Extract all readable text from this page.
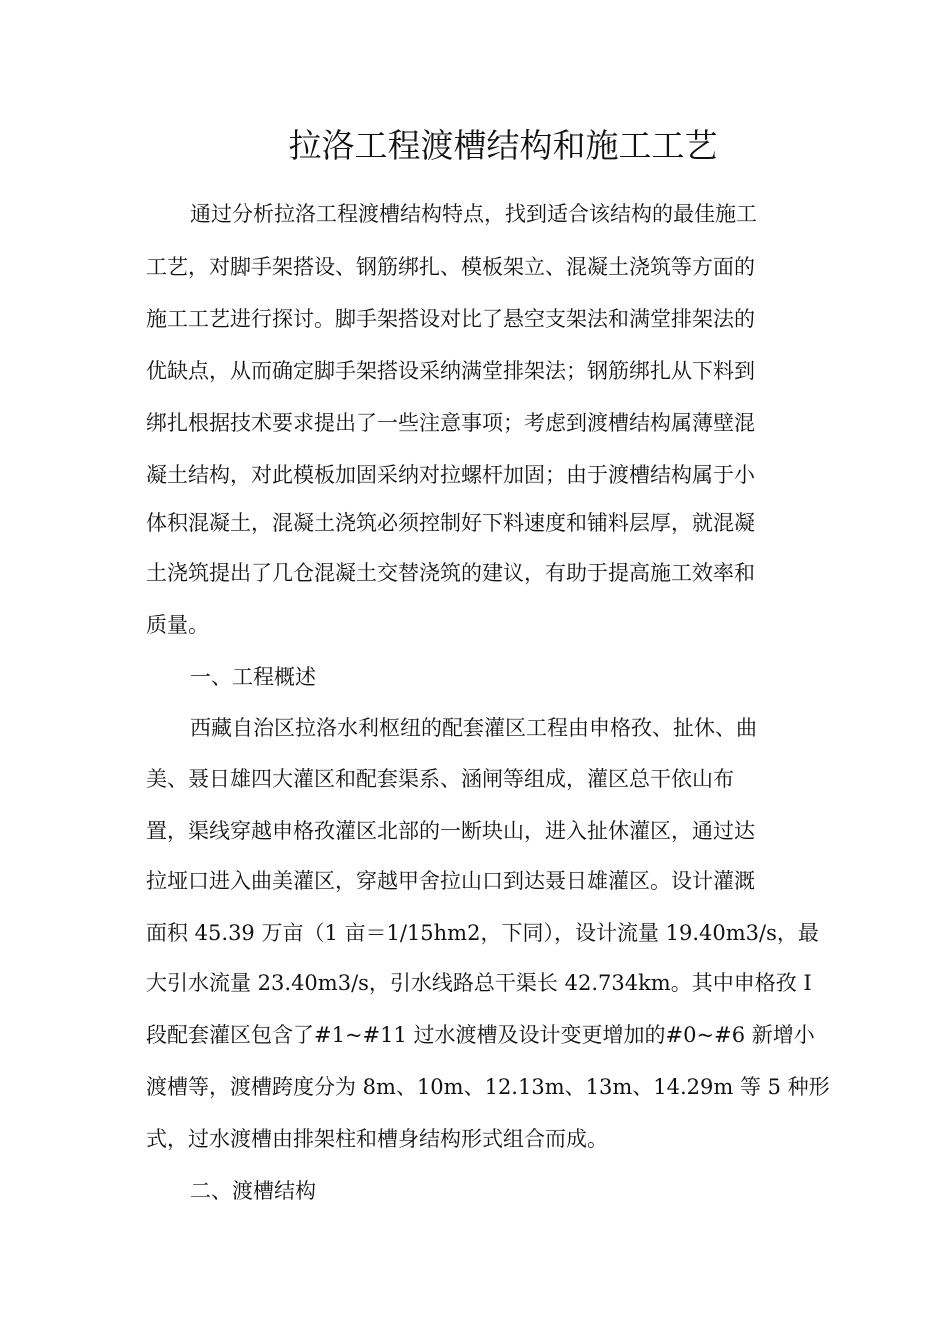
拉洛工程渡槽结构和施工工艺
通过分析拉洛工程渡槽结构特点，找到适合该结构的最佳施工
工艺，对脚手架搭设、钢筋绑扎、模板架立、混凝土浇筑等方面的
施工工艺进行探讨。脚手架搭设对比了悬空支架法和满堂排架法的
优缺点，从而确定脚手架搭设采纳满堂排架法；钢筋绑扎从下料到
绑扎根据技术要求提出了一些注意事项；考虑到渡槽结构属薄壁混
凝土结构，对此模板加固采纳对拉螺杆加固；由于渡槽结构属于小
体积混凝土，混凝土浇筑必须控制好下料速度和铺料层厚，就混凝
土浇筑提出了几仓混凝土交替浇筑的建议，有助于提高施工效率和
质量。
一、工程概述
西藏自治区拉洛水利枢纽的配套灌区工程由申格孜、扯休、曲
美、聂日雄四大灌区和配套渠系、涵闸等组成，灌区总干依山布
置，渠线穿越申格孜灌区北部的一断块山，进入扯休灌区，通过达
拉垭口进入曲美灌区，穿越甲舍拉山口到达聂日雄灌区。设计灌溉
面积 45.39 万亩（1 亩＝1/15hm2，下同），设计流量 19.40m3/s，最
大引水流量 23.40m3/s，引水线路总干渠长 42.734km。其中申格孜 I
段配套灌区包含了#1~#11 过水渡槽及设计变更增加的#0~#6 新增小
渡槽等，渡槽跨度分为 8m、10m、12.13m、13m、14.29m 等 5 种形
式，过水渡槽由排架柱和槽身结构形式组合而成。
二、渡槽结构
